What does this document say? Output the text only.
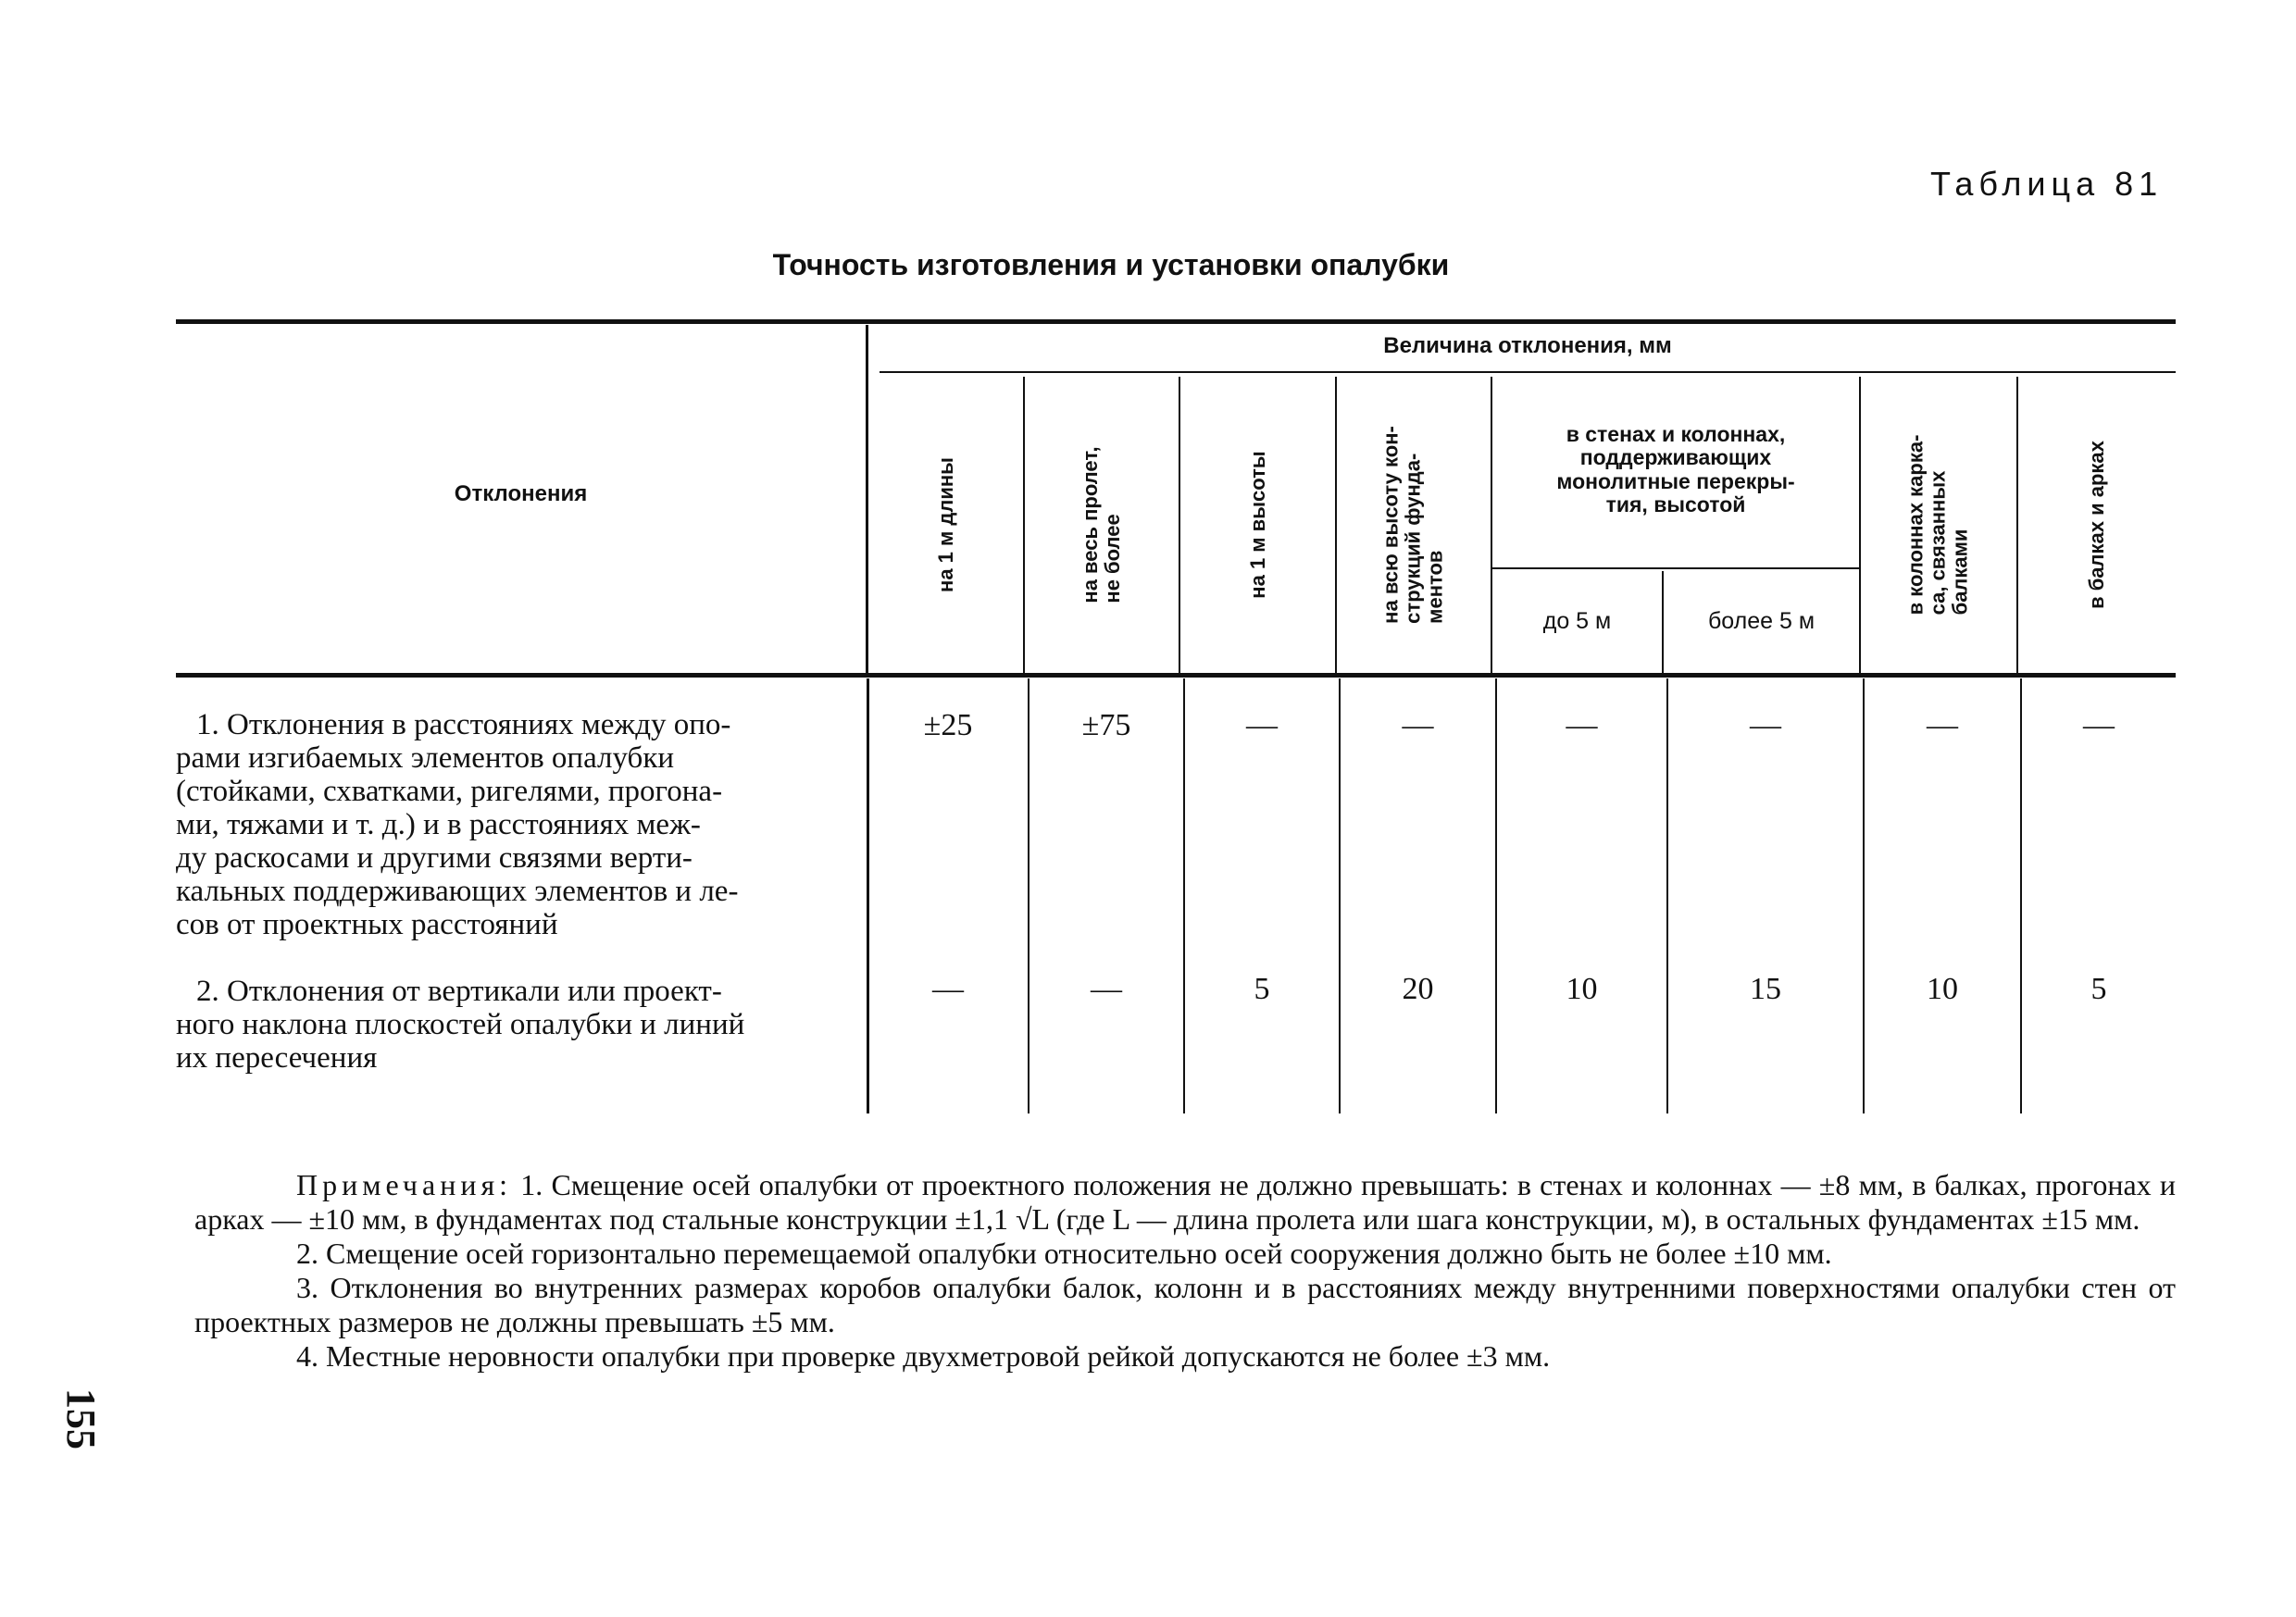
Таблица 81
Точность изготовления и установки опалубки
Отклонения
Величина отклонения, мм
на 1 м длины	на весь пролет, не более	на 1 м высоты	на всю высоту кон- струкций фунда- ментов
в стенах и колоннах,
поддерживающих
монолитные перекры-
тия, высотой
до 5 м	более 5 м
в колоннах карка- са, связанных балками	в балках и арках
1. Отклонения в расстояниях между опо-
рами изгибаемых элементов опалубки
(стойками, схватками, ригелями, прогона-
ми, тяжами и т. д.) и в расстояниях меж-
ду раскосами и другими связями верти-
кальных поддерживающих элементов и ле-
сов от проектных расстояний
±25	±75	—	—	—	—	—	—
2. Отклонения от вертикали или проект-
ного наклона плоскостей опалубки и линий
их пересечения
—	—	5	20	10	15	10	5

Примечания: 1. Смещение осей опалубки от проектного положения не должно превышать: в стенах и колоннах — ±8 мм, в балках, прогонах и арках — ±10 мм, в фундаментах под стальные конструкции ±1,1 √L (где L — длина пролета или шага конструкции, м), в остальных фундаментах ±15 мм.

2. Смещение осей горизонтально перемещаемой опалубки относительно осей сооружения должно быть не более ±10 мм.

3. Отклонения во внутренних размерах коробов опалубки балок, колонн и в расстояниях между внутренними поверхностями опалубки стен от проектных размеров не должны превышать ±5 мм.

4. Местные неровности опалубки при проверке двухметровой рейкой допускаются не более ±3 мм.

155
